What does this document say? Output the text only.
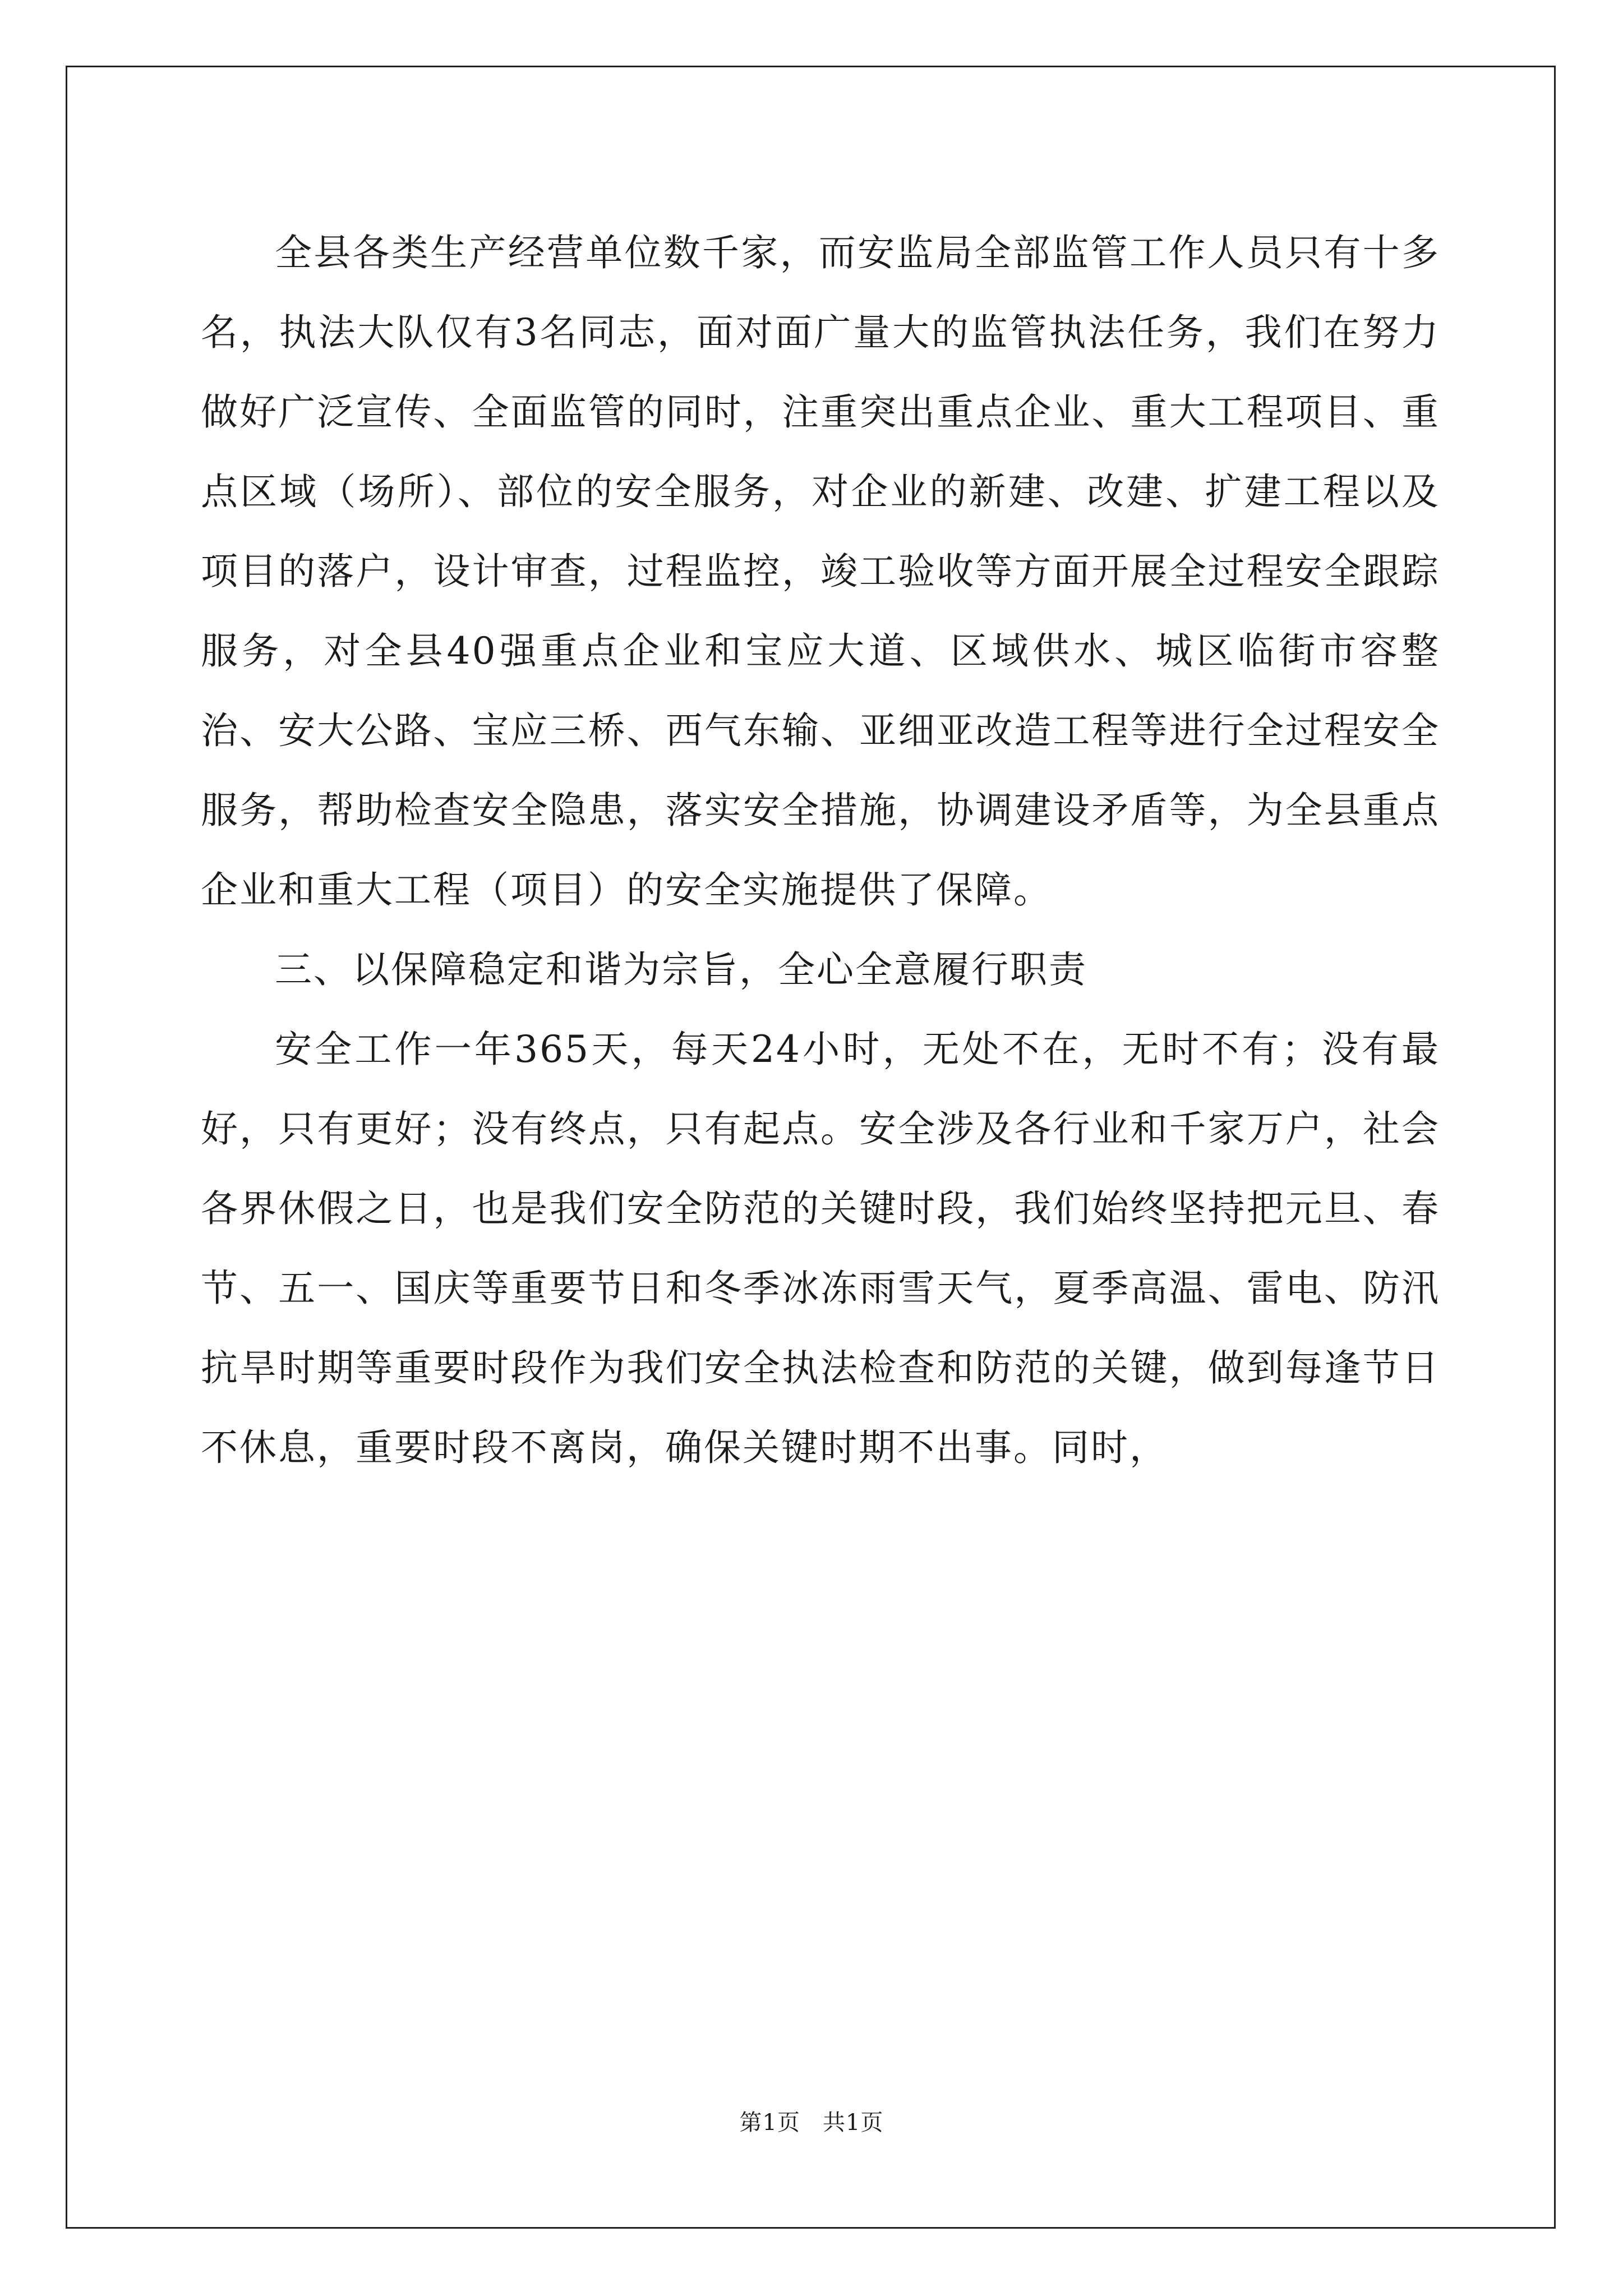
全县各类生产经营单位数千家，而安监局全部监管工作人员只有十多名，执法大队仅有3名同志，面对面广量大的监管执法任务，我们在努力做好广泛宣传、全面监管的同时，注重突出重点企业、重大工程项目、重点区域（场所）、部位的安全服务，对企业的新建、改建、扩建工程以及项目的落户，设计审查，过程监控，竣工验收等方面开展全过程安全跟踪服务，对全县40强重点企业和宝应大道、区域供水、城区临街市容整治、安大公路、宝应三桥、西气东输、亚细亚改造工程等进行全过程安全服务，帮助检查安全隐患，落实安全措施，协调建设矛盾等，为全县重点企业和重大工程（项目）的安全实施提供了保障。

三、以保障稳定和谐为宗旨，全心全意履行职责

安全工作一年365天，每天24小时，无处不在，无时不有；没有最好，只有更好；没有终点，只有起点。安全涉及各行业和千家万户，社会各界休假之日，也是我们安全防范的关键时段，我们始终坚持把元旦、春节、五一、国庆等重要节日和冬季冰冻雨雪天气，夏季高温、雷电、防汛抗旱时期等重要时段作为我们安全执法检查和防范的关键，做到每逢节日不休息，重要时段不离岗，确保关键时期不出事。同时，

第1页 共1页
